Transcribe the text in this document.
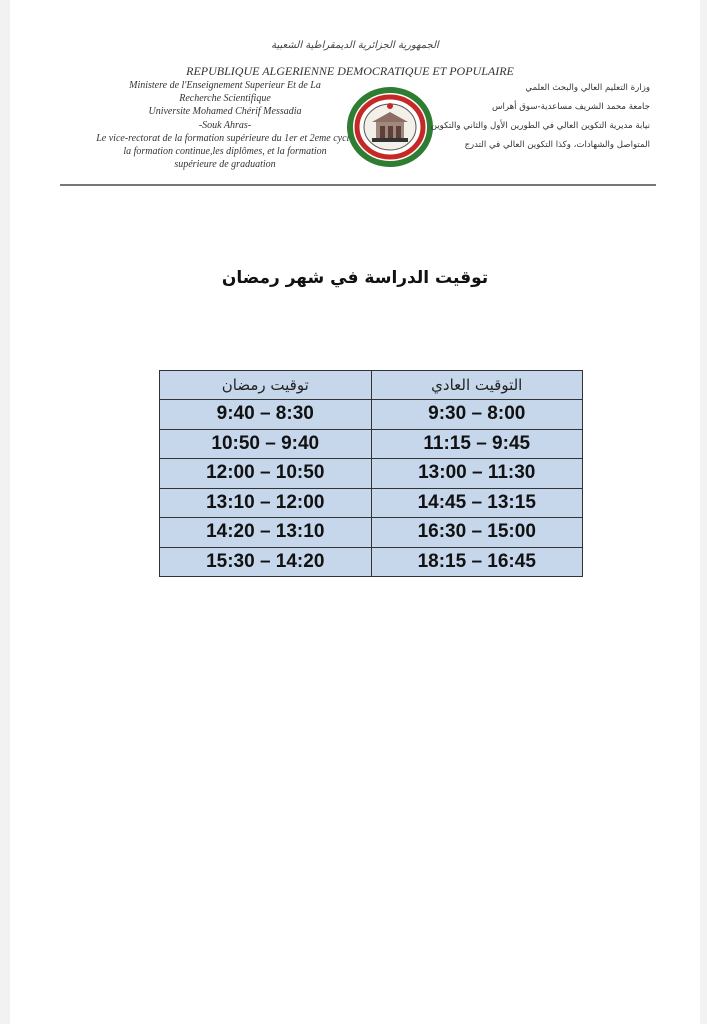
الجمهورية الجزائرية الديمقراطية الشعبية
REPUBLIQUE ALGERIENNE DEMOCRATIQUE ET POPULAIRE
Ministere de l'Enseignement Superieur Et de La
Recherche Scientifique
Universite Mohamed Chérif Messadia
-Souk Ahras-
Le vice-rectorat de la formation supérieure du 1er et 2eme cycle
la formation continue,les diplômes, et la formation
supérieure de graduation
وزارة التعليم العالي والبحث العلمي
جامعة محمد الشريف مساعدية-سوق أهراس
نيابة مديرية التكوين العالي في الطورين الأول والثاني والتكوين
المتواصل والشهادات، وكذا التكوين العالي في التدرج
توقيت الدراسة في شهر رمضان
توقيت رمضان	التوقيت العادي
9:40 – 8:30	9:30 – 8:00
10:50 – 9:40	11:15 – 9:45
12:00 – 10:50	13:00 – 11:30
13:10 – 12:00	14:45 – 13:15
14:20 – 13:10	16:30 – 15:00
15:30 – 14:20	18:15 – 16:45
